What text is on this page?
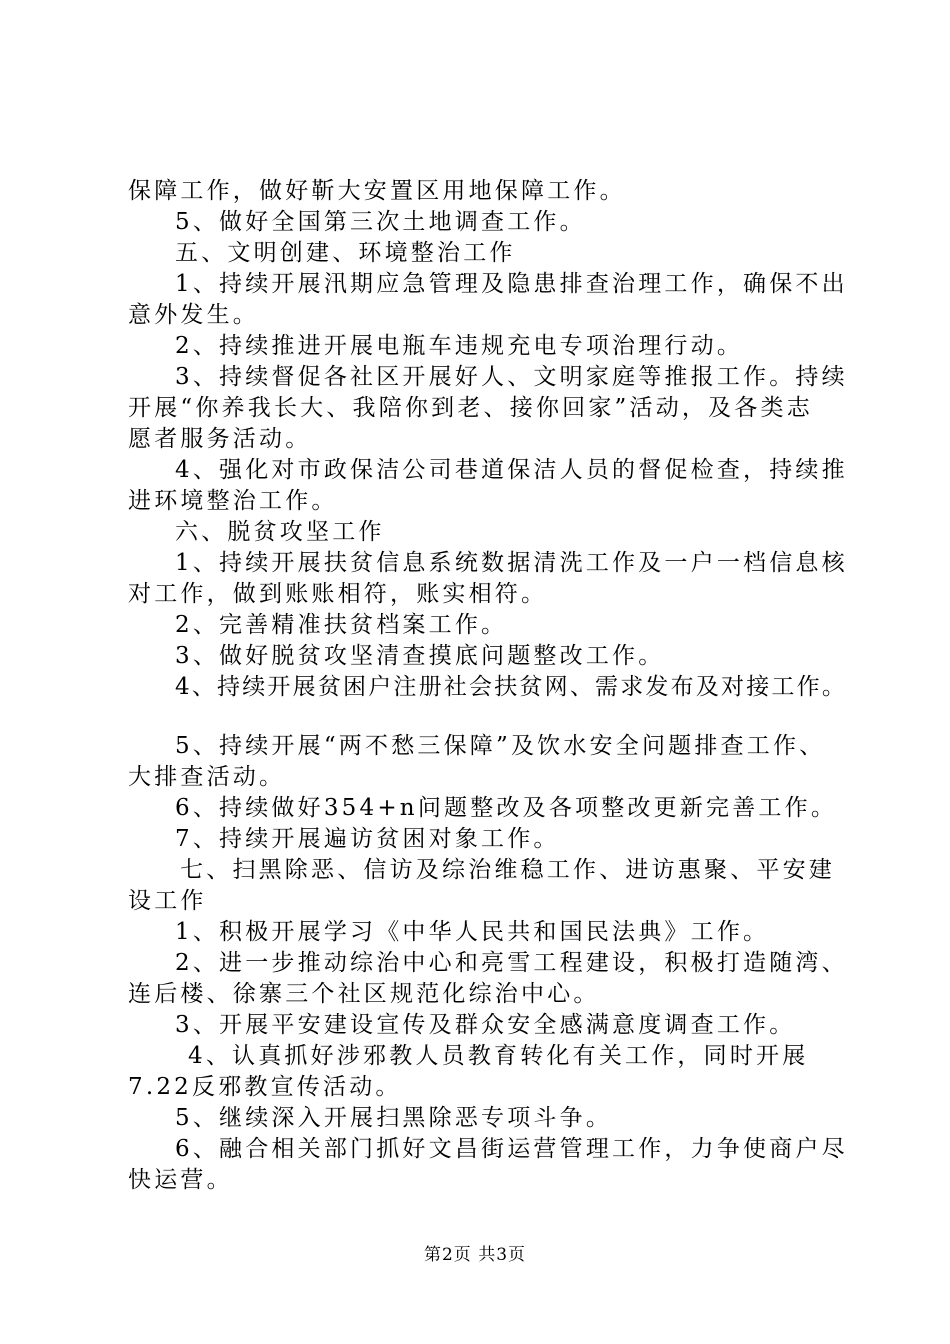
保障工作，做好靳大安置区用地保障工作。
5、做好全国第三次土地调查工作。
五、文明创建、环境整治工作
1、持续开展汛期应急管理及隐患排查治理工作，确保不出
意外发生。
2、持续推进开展电瓶车违规充电专项治理行动。
3、持续督促各社区开展好人、文明家庭等推报工作。持续
开展“你养我长大、我陪你到老、接你回家”活动，及各类志
愿者服务活动。
4、强化对市政保洁公司巷道保洁人员的督促检查，持续推
进环境整治工作。
六、脱贫攻坚工作
1、持续开展扶贫信息系统数据清洗工作及一户一档信息核
对工作，做到账账相符，账实相符。
2、完善精准扶贫档案工作。
3、做好脱贫攻坚清查摸底问题整改工作。
4、持续开展贫困户注册社会扶贫网、需求发布及对接工作。
5、持续开展“两不愁三保障”及饮水安全问题排查工作、
大排查活动。
6、持续做好354+n问题整改及各项整改更新完善工作。
7、持续开展遍访贫困对象工作。
七、扫黑除恶、信访及综治维稳工作、进访惠聚、平安建
设工作
1、积极开展学习《中华人民共和国民法典》工作。
2、进一步推动综治中心和亮雪工程建设，积极打造随湾、
连后楼、徐寨三个社区规范化综治中心。
3、开展平安建设宣传及群众安全感满意度调查工作。
4、认真抓好涉邪教人员教育转化有关工作，同时开展
7.22反邪教宣传活动。
5、继续深入开展扫黑除恶专项斗争。
6、融合相关部门抓好文昌街运营管理工作，力争使商户尽
快运营。
第2页 共3页
